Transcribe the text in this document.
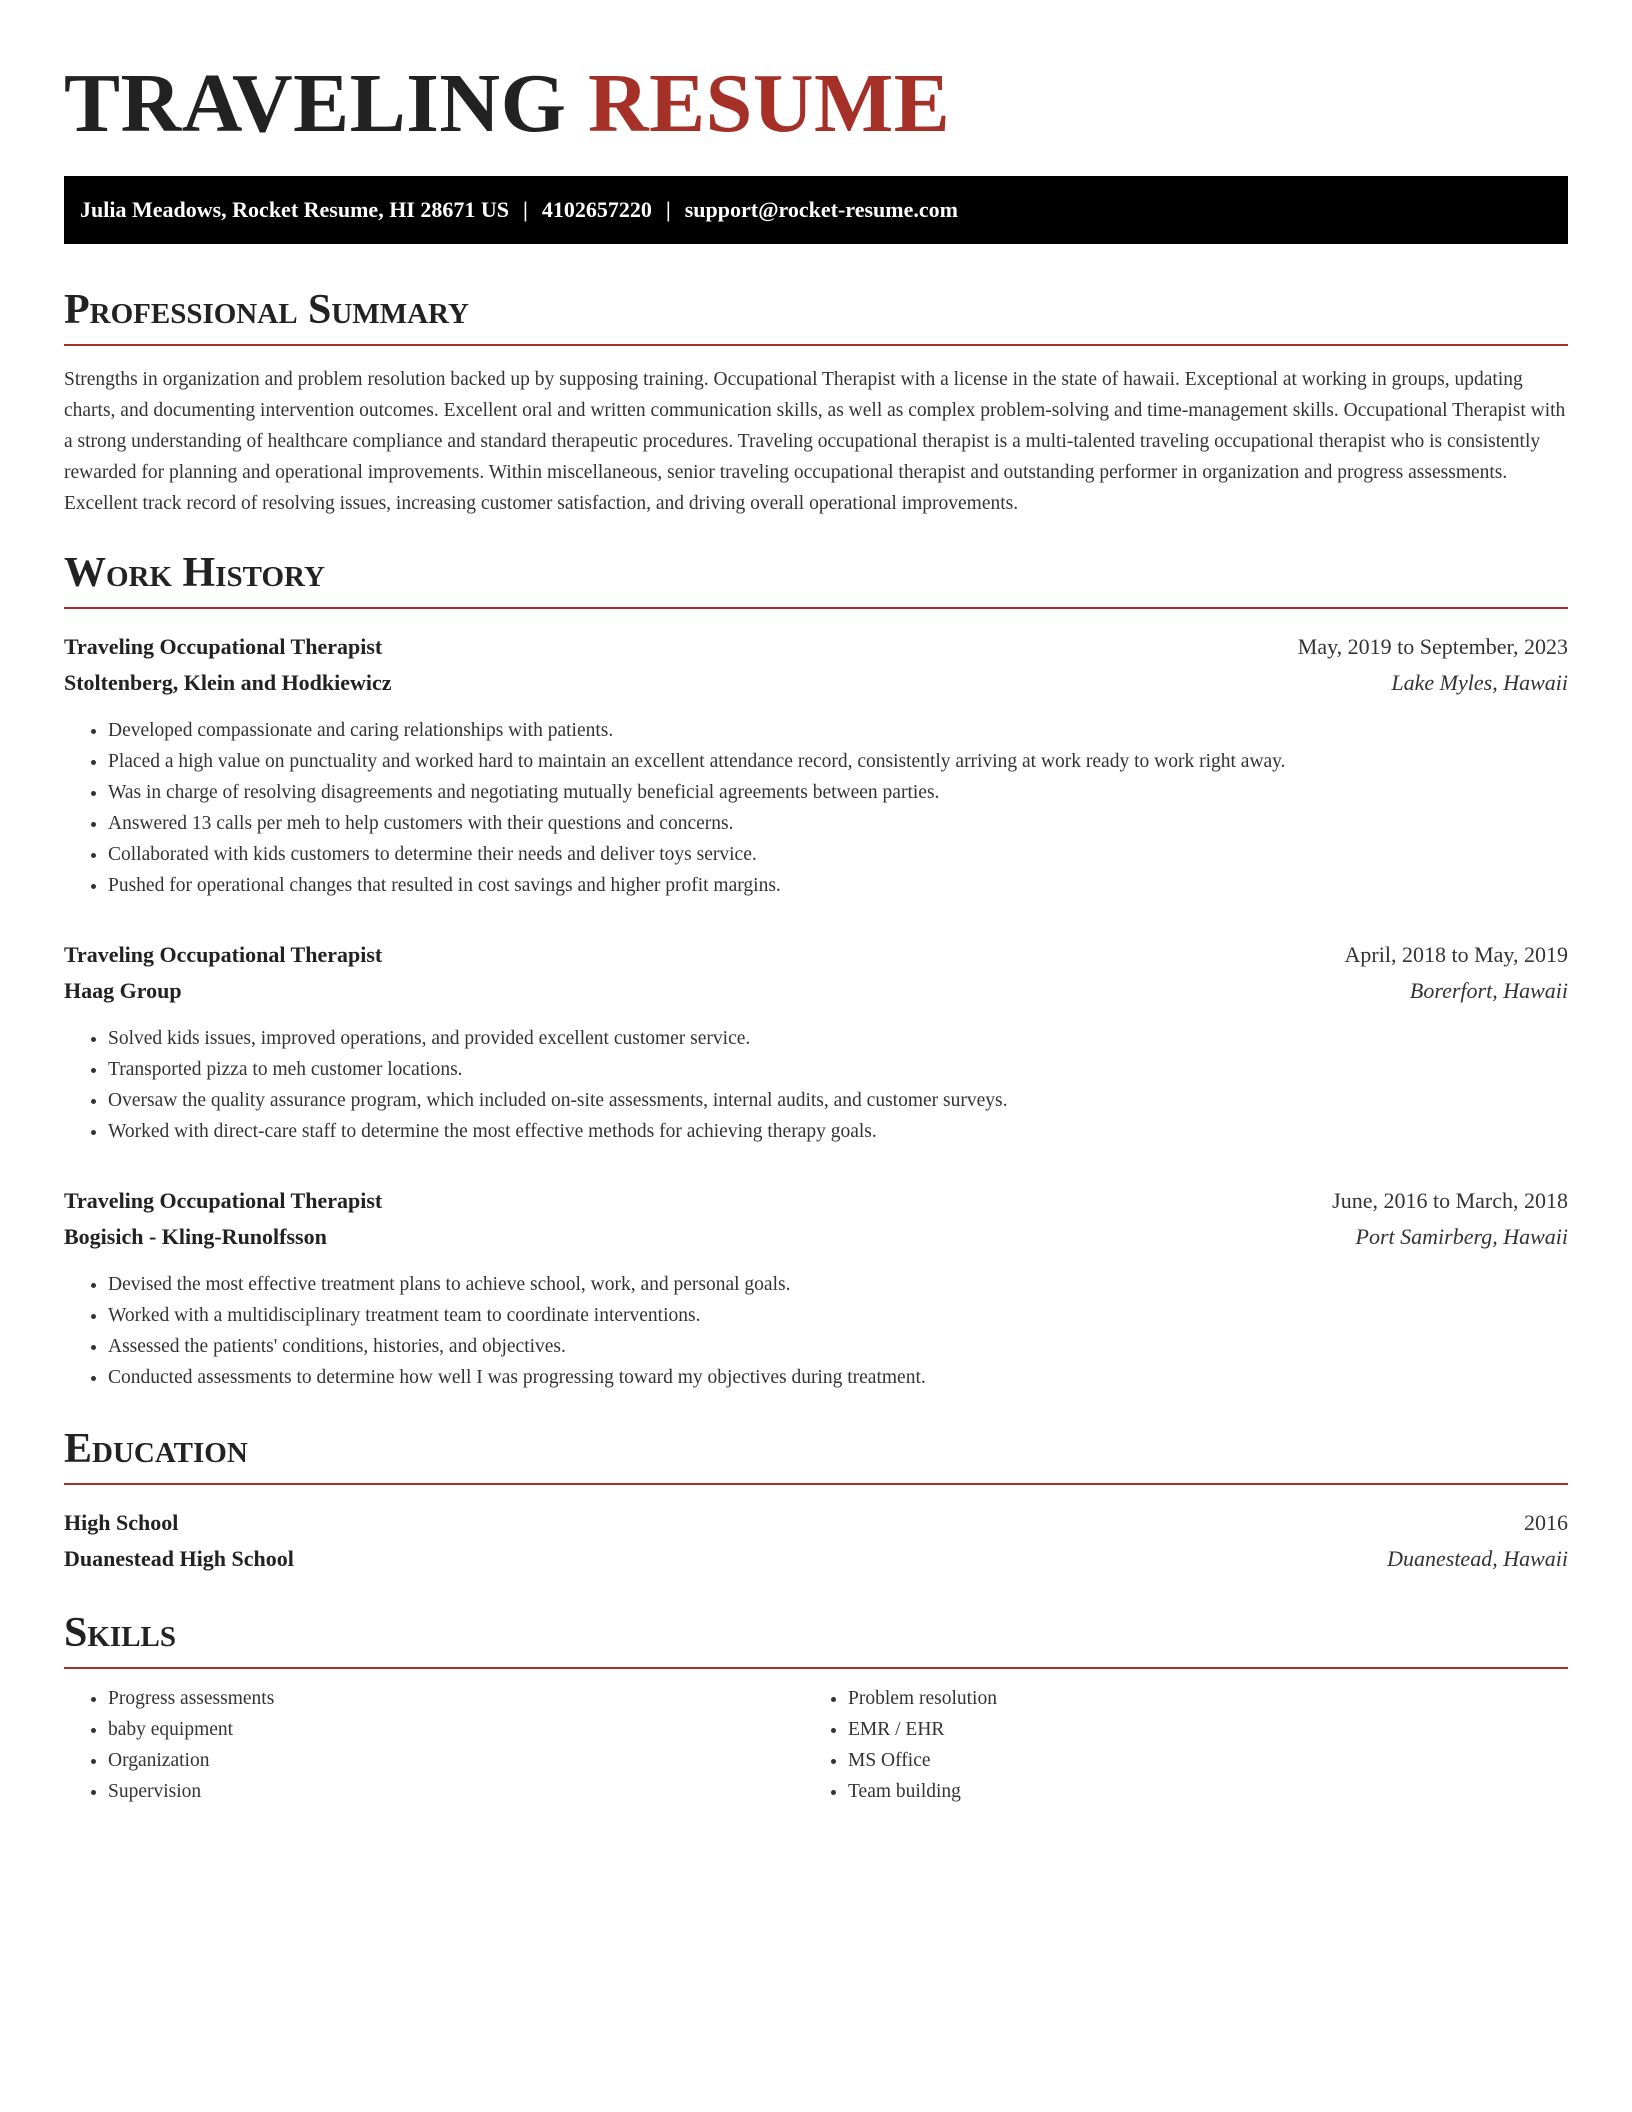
TRAVELING RESUME
Julia Meadows, Rocket Resume, HI 28671 US | 4102657220 | support@rocket-resume.com
Professional Summary

Strengths in organization and problem resolution backed up by supposing training. Occupational Therapist with a license in the state of hawaii. Exceptional at working in groups, updating charts, and documenting intervention outcomes. Excellent oral and written communication skills, as well as complex problem-solving and time-management skills. Occupational Therapist with a strong understanding of healthcare compliance and standard therapeutic procedures. Traveling occupational therapist is a multi-talented traveling occupational therapist who is consistently rewarded for planning and operational improvements. Within miscellaneous, senior traveling occupational therapist and outstanding performer in organization and progress assessments. Excellent track record of resolving issues, increasing customer satisfaction, and driving overall operational improvements.

Work History
Traveling Occupational Therapist	May, 2019 to September, 2023
Stoltenberg, Klein and Hodkiewicz	Lake Myles, Hawaii
• Developed compassionate and caring relationships with patients.
• Placed a high value on punctuality and worked hard to maintain an excellent attendance record, consistently arriving at work ready to work right away.
• Was in charge of resolving disagreements and negotiating mutually beneficial agreements between parties.
• Answered 13 calls per meh to help customers with their questions and concerns.
• Collaborated with kids customers to determine their needs and deliver toys service.
• Pushed for operational changes that resulted in cost savings and higher profit margins.
Traveling Occupational Therapist	April, 2018 to May, 2019
Haag Group	Borerfort, Hawaii
• Solved kids issues, improved operations, and provided excellent customer service.
• Transported pizza to meh customer locations.
• Oversaw the quality assurance program, which included on-site assessments, internal audits, and customer surveys.
• Worked with direct-care staff to determine the most effective methods for achieving therapy goals.
Traveling Occupational Therapist	June, 2016 to March, 2018
Bogisich - Kling-Runolfsson	Port Samirberg, Hawaii
• Devised the most effective treatment plans to achieve school, work, and personal goals.
• Worked with a multidisciplinary treatment team to coordinate interventions.
• Assessed the patients' conditions, histories, and objectives.
• Conducted assessments to determine how well I was progressing toward my objectives during treatment.
Education
High School	2016
Duanestead High School	Duanestead, Hawaii
Skills
• Progress assessments
• baby equipment
• Organization
• Supervision
• Problem resolution
• EMR / EHR
• MS Office
• Team building
